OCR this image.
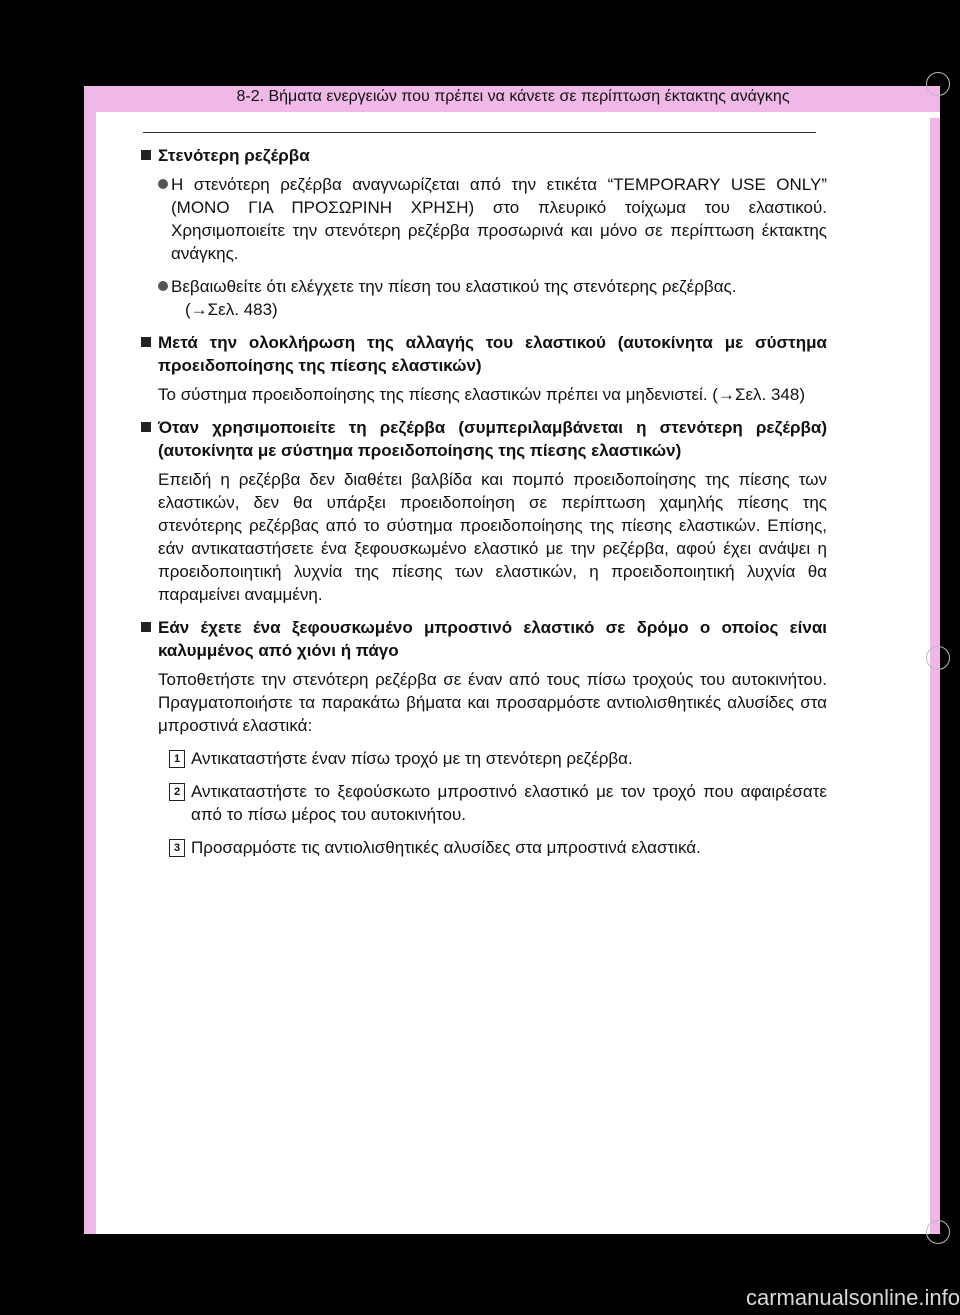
8-2. Βήματα ενεργειών που πρέπει να κάνετε σε περίπτωση έκτακτης ανάγκης
Στενότερη ρεζέρβα

Η στενότερη ρεζέρβα αναγνωρίζεται από την ετικέτα “TEMPORARY USE ONLY” (ΜΟΝΟ ΓΙΑ ΠΡΟΣΩΡΙΝΗ ΧΡΗΣΗ) στο πλευρικό τοίχωμα του ελαστικού. Χρησιμοποιείτε την στενότερη ρεζέρβα προσωρινά και μόνο σε περίπτωση έκτακτης ανάγκης.

Βεβαιωθείτε ότι ελέγχετε την πίεση του ελαστικού της στενότερης ρεζέρβας.

(→Σελ. 483)

Μετά την ολοκλήρωση της αλλαγής του ελαστικού (αυτοκίνητα με σύστημα προειδοποίησης της πίεσης ελαστικών)

Το σύστημα προειδοποίησης της πίεσης ελαστικών πρέπει να μηδενιστεί. (→Σελ. 348)

Όταν χρησιμοποιείτε τη ρεζέρβα (συμπεριλαμβάνεται η στενότερη ρεζέρβα) (αυτοκίνητα με σύστημα προειδοποίησης της πίεσης ελαστικών)

Επειδή η ρεζέρβα δεν διαθέτει βαλβίδα και πομπό προειδοποίησης της πίεσης των ελαστικών, δεν θα υπάρξει προειδοποίηση σε περίπτωση χαμηλής πίεσης της στενότερης ρεζέρβας από το σύστημα προειδοποίησης της πίεσης ελαστικών. Επίσης, εάν αντικαταστήσετε ένα ξεφουσκωμένο ελαστικό με την ρεζέρβα, αφού έχει ανάψει η προειδοποιητική λυχνία της πίεσης των ελαστικών, η προειδοποιητική λυχνία θα παραμείνει αναμμένη.

Εάν έχετε ένα ξεφουσκωμένο μπροστινό ελαστικό σε δρόμο ο οποίος είναι καλυμμένος από χιόνι ή πάγο

Τοποθετήστε την στενότερη ρεζέρβα σε έναν από τους πίσω τροχούς του αυτοκινήτου. Πραγματοποιήστε τα παρακάτω βήματα και προσαρμόστε αντιολισθητικές αλυσίδες στα μπροστινά ελαστικά:

1 Αντικαταστήστε έναν πίσω τροχό με τη στενότερη ρεζέρβα.

2 Αντικαταστήστε το ξεφούσκωτο μπροστινό ελαστικό με τον τροχό που αφαιρέσατε από το πίσω μέρος του αυτοκινήτου.

3 Προσαρμόστε τις αντιολισθητικές αλυσίδες στα μπροστινά ελαστικά.

carmanualsonline.info
